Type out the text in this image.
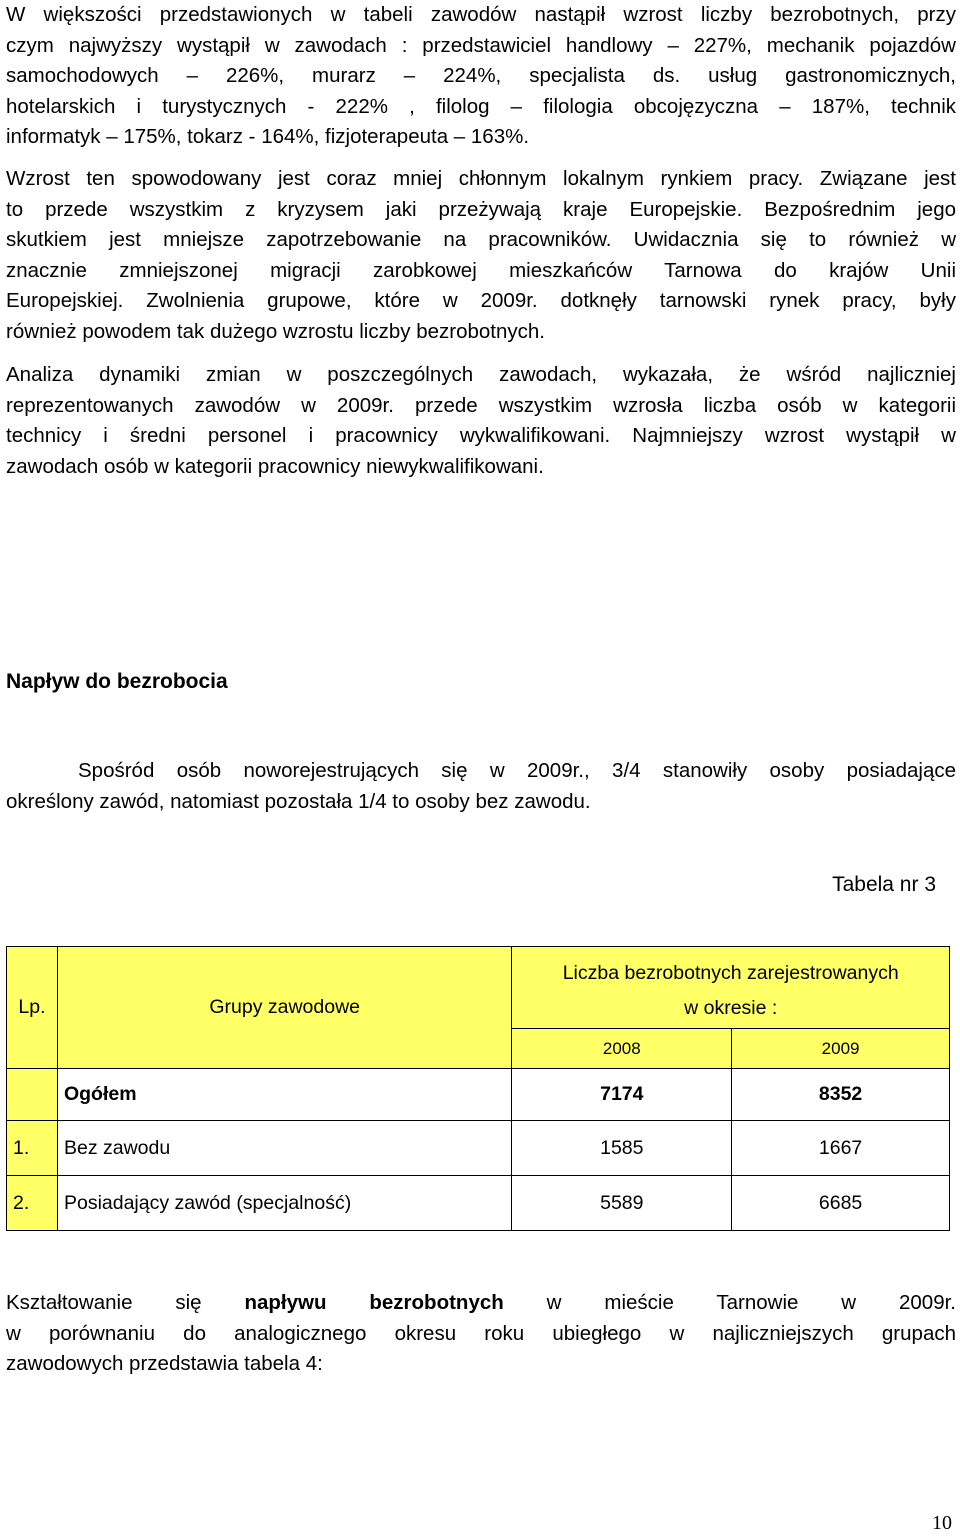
W większości przedstawionych w tabeli zawodów nastąpił wzrost liczby bezrobotnych, przy
czym najwyższy wystąpił w zawodach : przedstawiciel handlowy – 227%, mechanik pojazdów
samochodowych – 226%, murarz – 224%, specjalista ds. usług gastronomicznych,
hotelarskich i turystycznych - 222% , filolog – filologia obcojęzyczna – 187%, technik
informatyk – 175%, tokarz - 164%, fizjoterapeuta – 163%.
Wzrost ten spowodowany jest coraz mniej chłonnym lokalnym rynkiem pracy. Związane jest
to przede wszystkim z kryzysem jaki przeżywają kraje Europejskie. Bezpośrednim jego
skutkiem jest mniejsze zapotrzebowanie na pracowników. Uwidacznia się to również w
znacznie zmniejszonej migracji zarobkowej mieszkańców Tarnowa do krajów Unii
Europejskiej. Zwolnienia grupowe, które w 2009r. dotknęły tarnowski rynek pracy, były
również powodem tak dużego wzrostu liczby bezrobotnych.
Analiza dynamiki zmian w poszczególnych zawodach, wykazała, że wśród najliczniej
reprezentowanych zawodów w 2009r. przede wszystkim wzrosła liczba osób w kategorii
technicy i średni personel i pracownicy wykwalifikowani. Najmniejszy wzrost wystąpił w
zawodach osób w kategorii pracownicy niewykwalifikowani.
Napływ do bezrobocia
Spośród osób noworejestrujących się w 2009r., 3/4 stanowiły osoby posiadające
określony zawód, natomiast pozostała 1/4 to osoby bez zawodu.
Tabela nr 3
Lp.	Grupy zawodowe	Liczba bezrobotnych zarejestrowanych	
		w okresie :	
		2008	2009
	Ogółem	7174	8352
1.	Bez zawodu	1585	1667
2.	Posiadający zawód (specjalność)	5589	6685
Kształtowanie się napływu bezrobotnych w mieście Tarnowie w 2009r.
w porównaniu do analogicznego okresu roku ubiegłego w najliczniejszych grupach
zawodowych przedstawia tabela 4:
10
